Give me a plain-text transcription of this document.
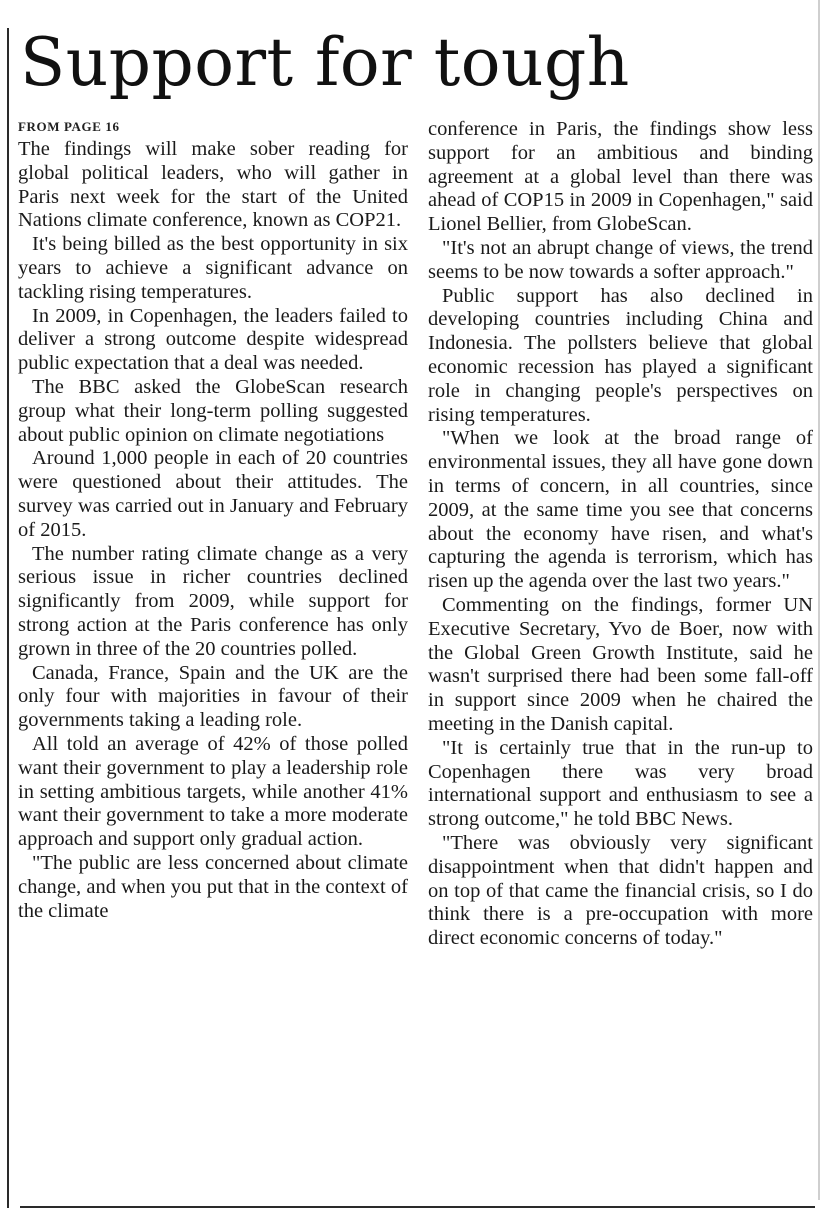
Support for tough
FROM PAGE 16

The findings will make sober reading for global political leaders, who will gather in Paris next week for the start of the United Nations climate conference, known as COP21.

It's being billed as the best opportunity in six years to achieve a significant advance on tackling rising temperatures.

In 2009, in Copenhagen, the leaders failed to deliver a strong outcome despite widespread public expectation that a deal was needed.

The BBC asked the GlobeScan research group what their long-term polling suggested about public opinion on climate negotiations

Around 1,000 people in each of 20 countries were questioned about their attitudes. The survey was carried out in January and February of 2015.

The number rating climate change as a very serious issue in richer countries declined significantly from 2009, while support for strong action at the Paris conference has only grown in three of the 20 countries polled.

Canada, France, Spain and the UK are the only four with majorities in favour of their governments taking a leading role.

All told an average of 42% of those polled want their government to play a leadership role in setting ambitious targets, while another 41% want their government to take a more moderate approach and support only gradual action.

"The public are less concerned about climate change, and when you put that in the context of the climate

conference in Paris, the findings show less support for an ambitious and binding agreement at a global level than there was ahead of COP15 in 2009 in Copenhagen," said Lionel Bellier, from GlobeScan.

"It's not an abrupt change of views, the trend seems to be now towards a softer approach."

Public support has also declined in developing countries including China and Indonesia. The pollsters believe that global economic recession has played a significant role in changing people's perspectives on rising temperatures.

"When we look at the broad range of environmental issues, they all have gone down in terms of concern, in all countries, since 2009, at the same time you see that concerns about the economy have risen, and what's capturing the agenda is terrorism, which has risen up the agenda over the last two years."

Commenting on the findings, former UN Executive Secretary, Yvo de Boer, now with the Global Green Growth Institute, said he wasn't surprised there had been some fall-off in support since 2009 when he chaired the meeting in the Danish capital.

"It is certainly true that in the run-up to Copenhagen there was very broad international support and enthusiasm to see a strong outcome," he told BBC News.

"There was obviously very significant disappointment when that didn't happen and on top of that came the financial crisis, so I do think there is a pre-occupation with more direct economic concerns of today."
